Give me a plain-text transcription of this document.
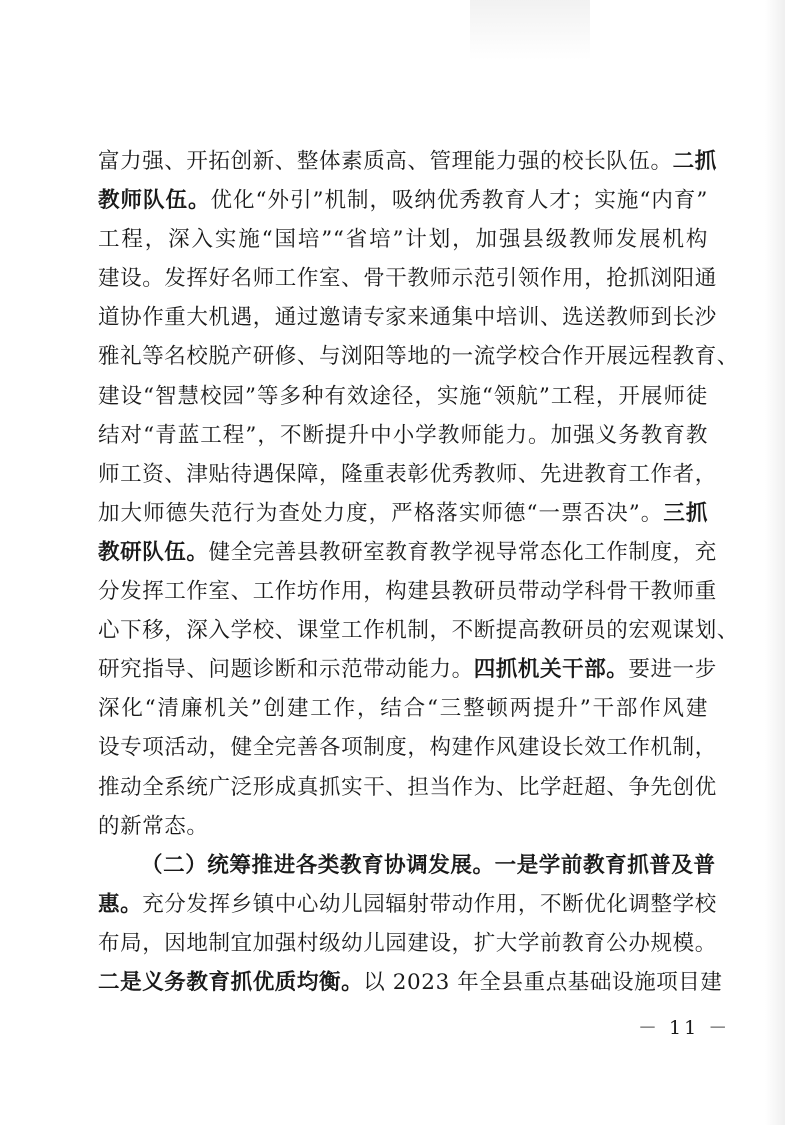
富力强、开拓创新、整体素质高、管理能力强的校长队伍。二抓
教师队伍。优化“外引”机制，吸纳优秀教育人才；实施“内育”
工程，深入实施“国培”“省培”计划，加强县级教师发展机构
建设。发挥好名师工作室、骨干教师示范引领作用，抢抓浏阳通
道协作重大机遇，通过邀请专家来通集中培训、选送教师到长沙
雅礼等名校脱产研修、与浏阳等地的一流学校合作开展远程教育、
建设“智慧校园”等多种有效途径，实施“领航”工程，开展师徒
结对“青蓝工程”，不断提升中小学教师能力。加强义务教育教
师工资、津贴待遇保障，隆重表彰优秀教师、先进教育工作者，
加大师德失范行为查处力度，严格落实师德“一票否决”。三抓
教研队伍。健全完善县教研室教育教学视导常态化工作制度，充
分发挥工作室、工作坊作用，构建县教研员带动学科骨干教师重
心下移，深入学校、课堂工作机制，不断提高教研员的宏观谋划、
研究指导、问题诊断和示范带动能力。四抓机关干部。要进一步
深化“清廉机关”创建工作，结合“三整顿两提升”干部作风建
设专项活动，健全完善各项制度，构建作风建设长效工作机制，
推动全系统广泛形成真抓实干、担当作为、比学赶超、争先创优
的新常态。
（二）统筹推进各类教育协调发展。一是学前教育抓普及普
惠。充分发挥乡镇中心幼儿园辐射带动作用，不断优化调整学校
布局，因地制宜加强村级幼儿园建设，扩大学前教育公办规模。
二是义务教育抓优质均衡。以 2023 年全县重点基础设施项目建
－ 11 －
